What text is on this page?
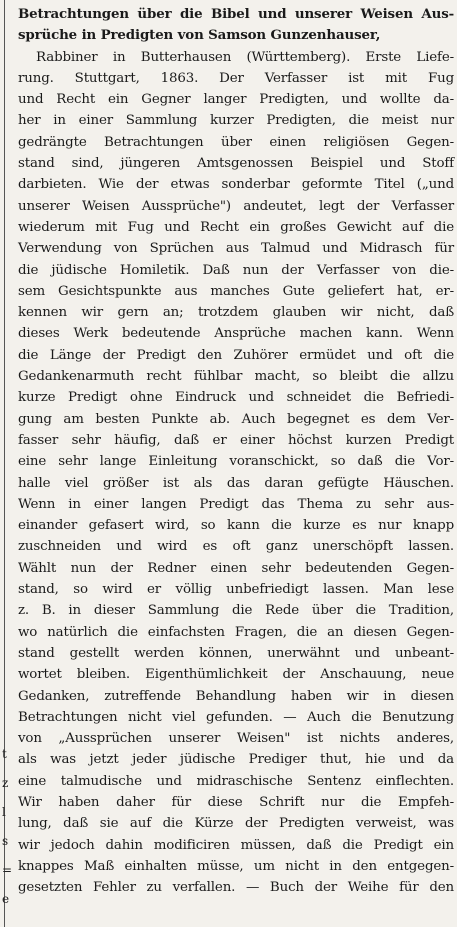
t
z
l
s
=
e
Betrachtungen über die Bibel und unserer Weisen Aus-
sprüche in Predigten von Samson Gunzenhauser,
Rabbiner in Butterhausen (Württemberg). Erste Liefe-
rung. Stuttgart, 1863. Der Verfasser ist mit Fug
und Recht ein Gegner langer Predigten, und wollte da-
her in einer Sammlung kurzer Predigten, die meist nur
gedrängte Betrachtungen über einen religiösen Gegen-
stand sind, jüngeren Amtsgenossen Beispiel und Stoff
darbieten. Wie der etwas sonderbar geformte Titel („und
unserer Weisen Aussprüche") andeutet, legt der Verfasser
wiederum mit Fug und Recht ein großes Gewicht auf die
Verwendung von Sprüchen aus Talmud und Midrasch für
die jüdische Homiletik. Daß nun der Verfasser von die-
sem Gesichtspunkte aus manches Gute geliefert hat, er-
kennen wir gern an; trotzdem glauben wir nicht, daß
dieses Werk bedeutende Ansprüche machen kann. Wenn
die Länge der Predigt den Zuhörer ermüdet und oft die
Gedankenarmuth recht fühlbar macht, so bleibt die allzu
kurze Predigt ohne Eindruck und schneidet die Befriedi-
gung am besten Punkte ab. Auch begegnet es dem Ver-
fasser sehr häufig, daß er einer höchst kurzen Predigt
eine sehr lange Einleitung voranschickt, so daß die Vor-
halle viel größer ist als das daran gefügte Häuschen.
Wenn in einer langen Predigt das Thema zu sehr aus-
einander gefasert wird, so kann die kurze es nur knapp
zuschneiden und wird es oft ganz unerschöpft lassen.
Wählt nun der Redner einen sehr bedeutenden Gegen-
stand, so wird er völlig unbefriedigt lassen. Man lese
z. B. in dieser Sammlung die Rede über die Tradition,
wo natürlich die einfachsten Fragen, die an diesen Gegen-
stand gestellt werden können, unerwähnt und unbeant-
wortet bleiben. Eigenthümlichkeit der Anschauung, neue
Gedanken, zutreffende Behandlung haben wir in diesen
Betrachtungen nicht viel gefunden. — Auch die Benutzung
von „Aussprüchen unserer Weisen" ist nichts anderes,
als was jetzt jeder jüdische Prediger thut, hie und da
eine talmudische und midraschische Sentenz einflechten.
Wir haben daher für diese Schrift nur die Empfeh-
lung, daß sie auf die Kürze der Predigten verweist, was
wir jedoch dahin modificiren müssen, daß die Predigt ein
knappes Maß einhalten müsse, um nicht in den entgegen-
gesetzten Fehler zu verfallen. — Buch der Weihe für den
